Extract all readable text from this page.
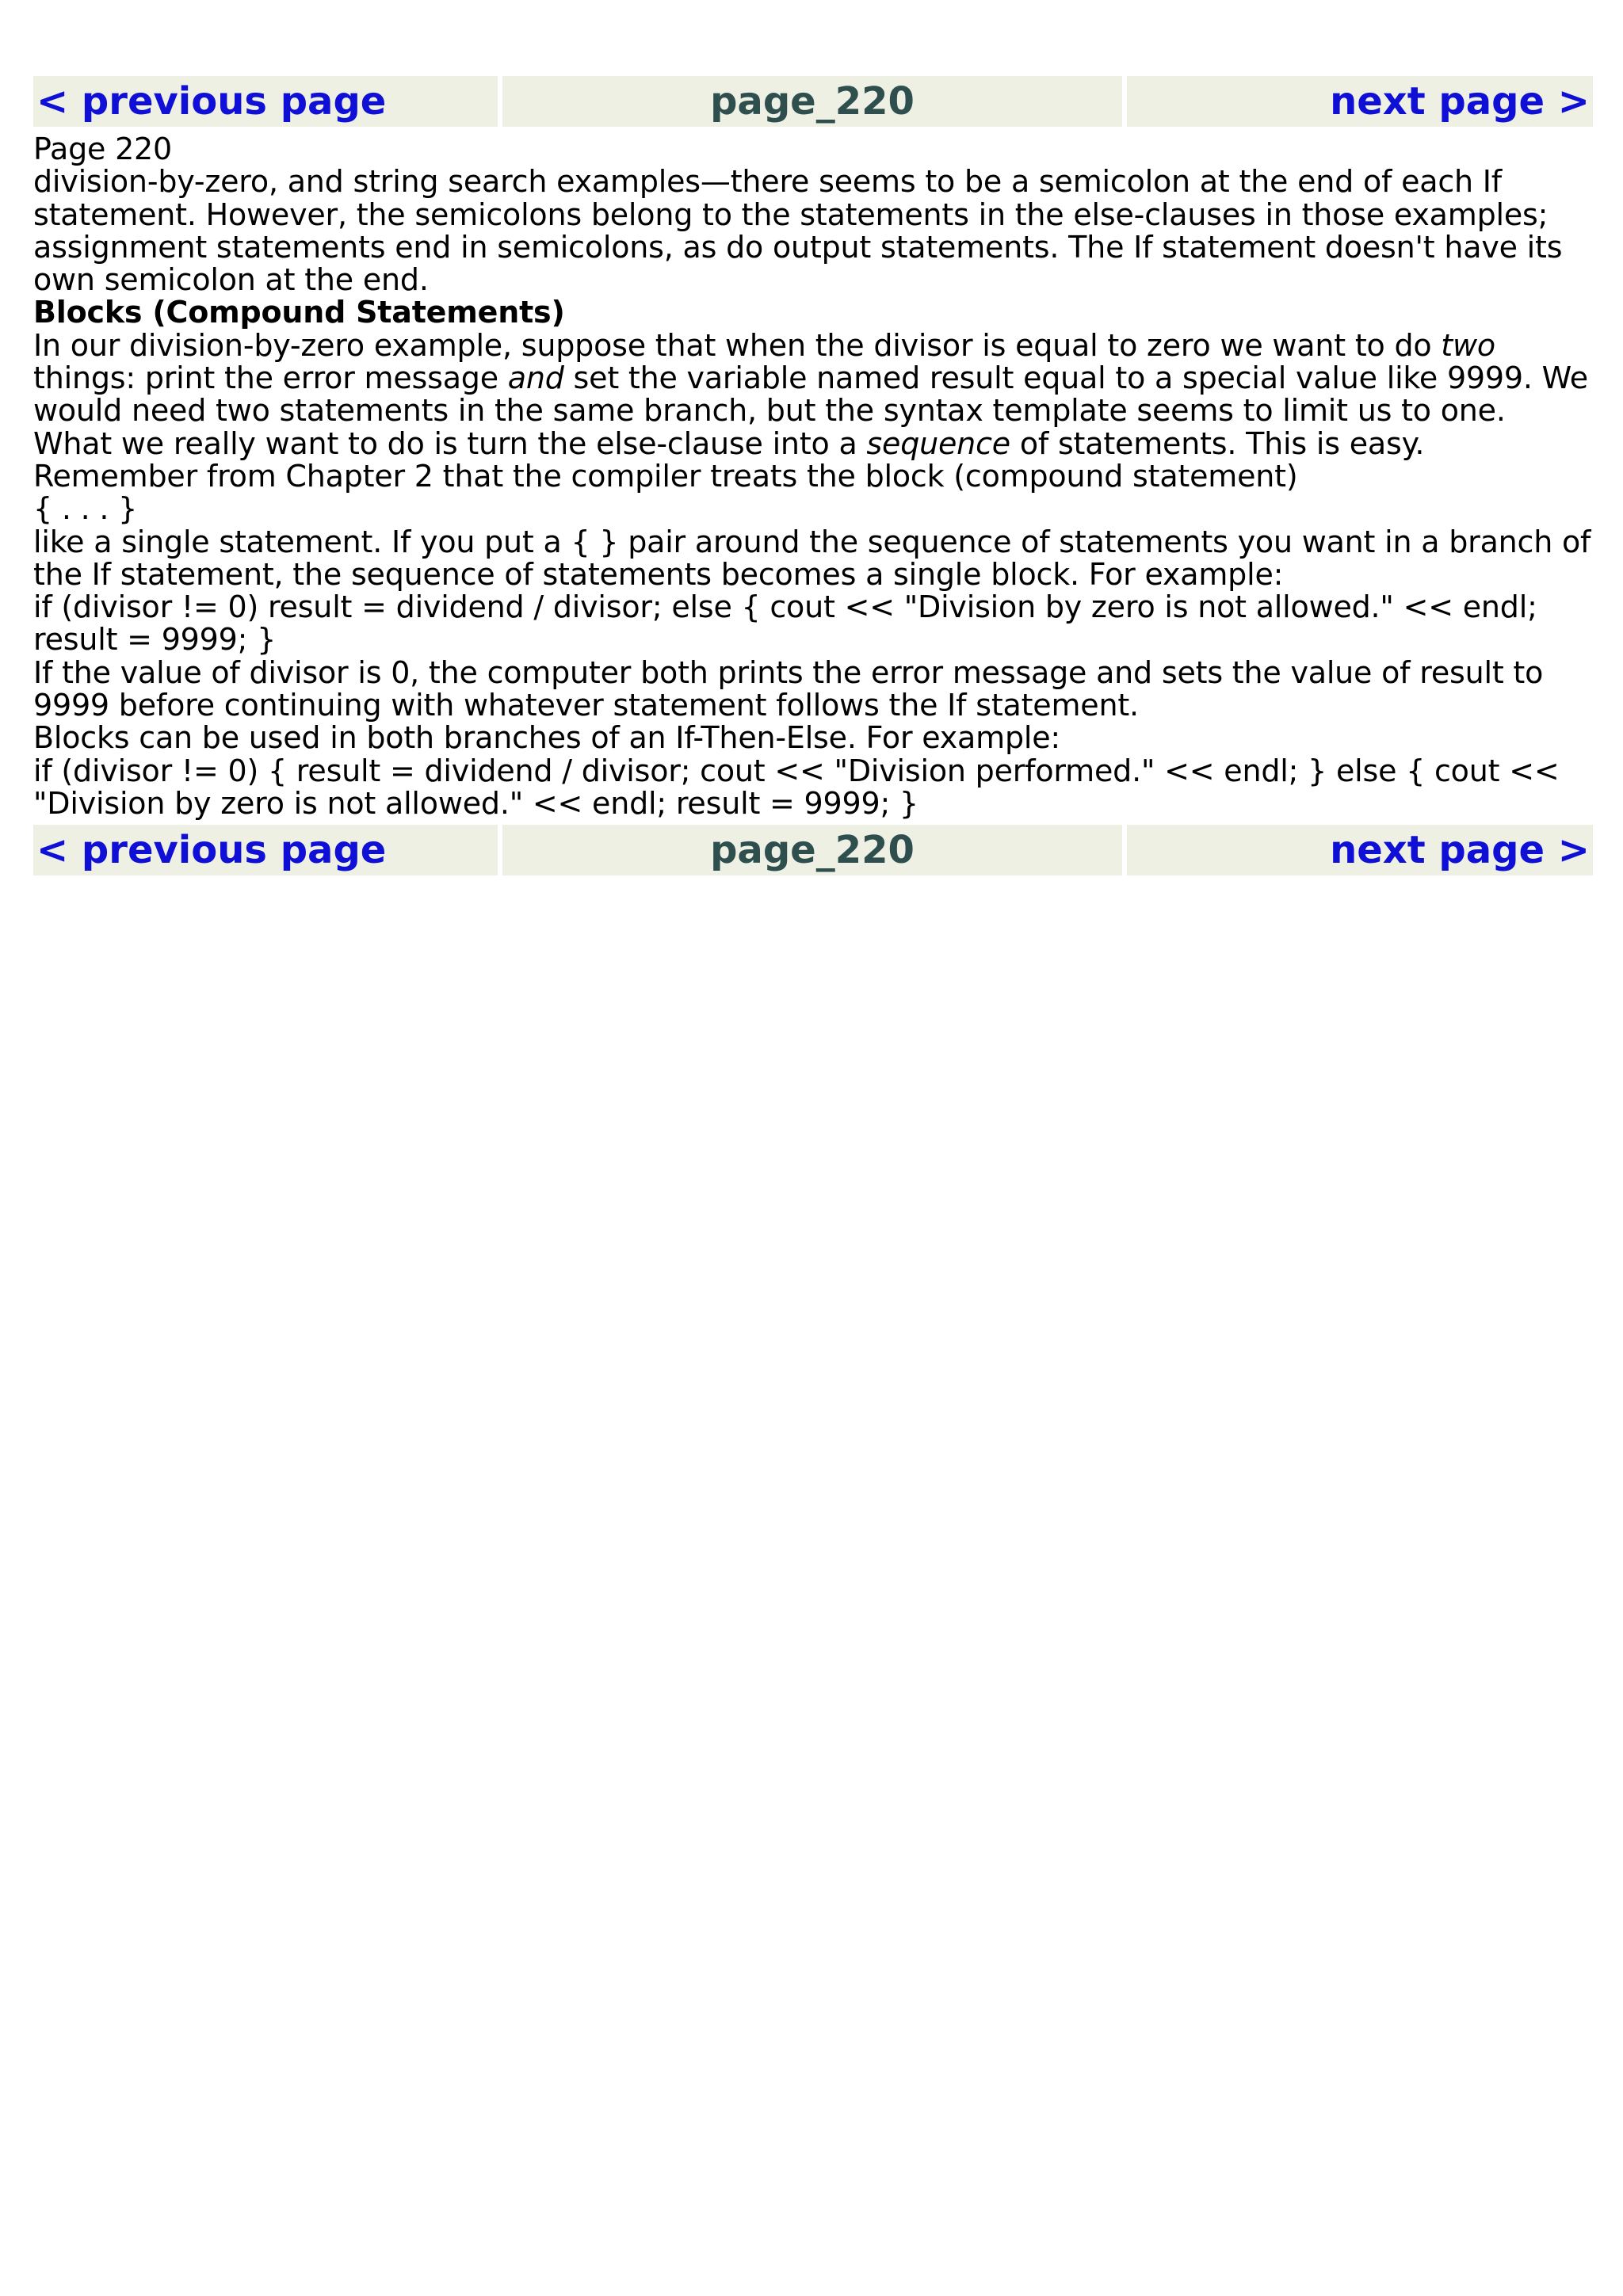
< previous page	page_220	next page >

Page 220

division-by-zero, and string search examples—there seems to be a semicolon at the end of each If statement. However, the semicolons belong to the statements in the else-clauses in those examples; assignment statements end in semicolons, as do output statements. The If statement doesn't have its own semicolon at the end.

Blocks (Compound Statements)

In our division-by-zero example, suppose that when the divisor is equal to zero we want to do two things: print the error message and set the variable named result equal to a special value like 9999. We would need two statements in the same branch, but the syntax template seems to limit us to one.

What we really want to do is turn the else-clause into a sequence of statements. This is easy. Remember from Chapter 2 that the compiler treats the block (compound statement)

{ . . . }

like a single statement. If you put a { } pair around the sequence of statements you want in a branch of the If statement, the sequence of statements becomes a single block. For example:

if (divisor != 0) result = dividend / divisor; else { cout << "Division by zero is not allowed." << endl; result = 9999; }

If the value of divisor is 0, the computer both prints the error message and sets the value of result to 9999 before continuing with whatever statement follows the If statement.

Blocks can be used in both branches of an If-Then-Else. For example:

if (divisor != 0) { result = dividend / divisor; cout << "Division performed." << endl; } else { cout << "Division by zero is not allowed." << endl; result = 9999; }

< previous page	page_220	next page >
